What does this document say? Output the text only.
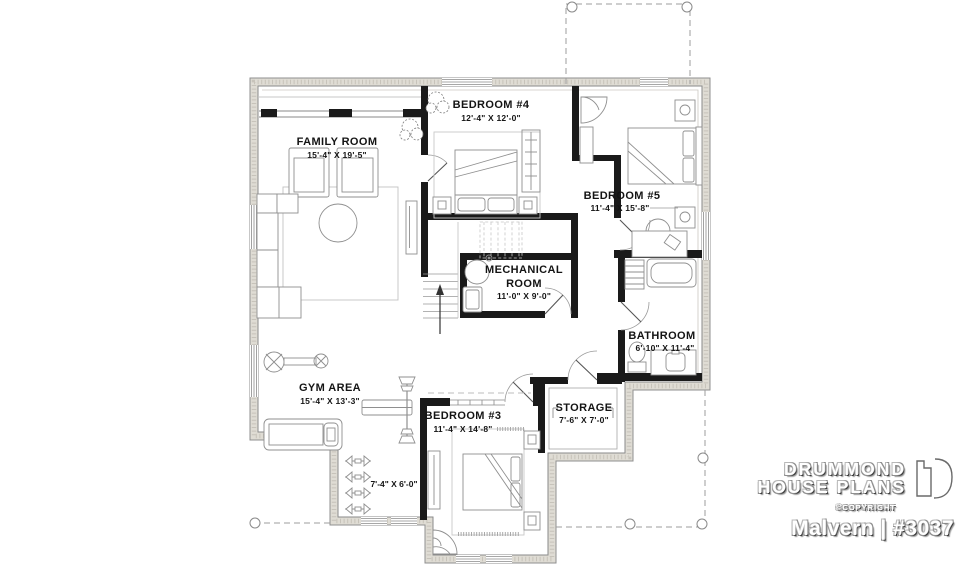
FAMILY ROOM
15'-4" X 19'-5"
BEDROOM #4
12'-4" X 12'-0"
BEDROOM #5
11'-4" X 15'-8"
MECHANICAL
ROOM
11'-0" X 9'-0"
BATHROOM
6'-10" X 11'-4"
GYM AREA
15'-4" X 13'-3"
BEDROOM #3
11'-4" X 14'-8"
STORAGE
7'-6" X 7'-0"
7'-4" X 6'-0"
DRUMMOND
HOUSE PLANS
©COPYRIGHT
Malvern | #3037
